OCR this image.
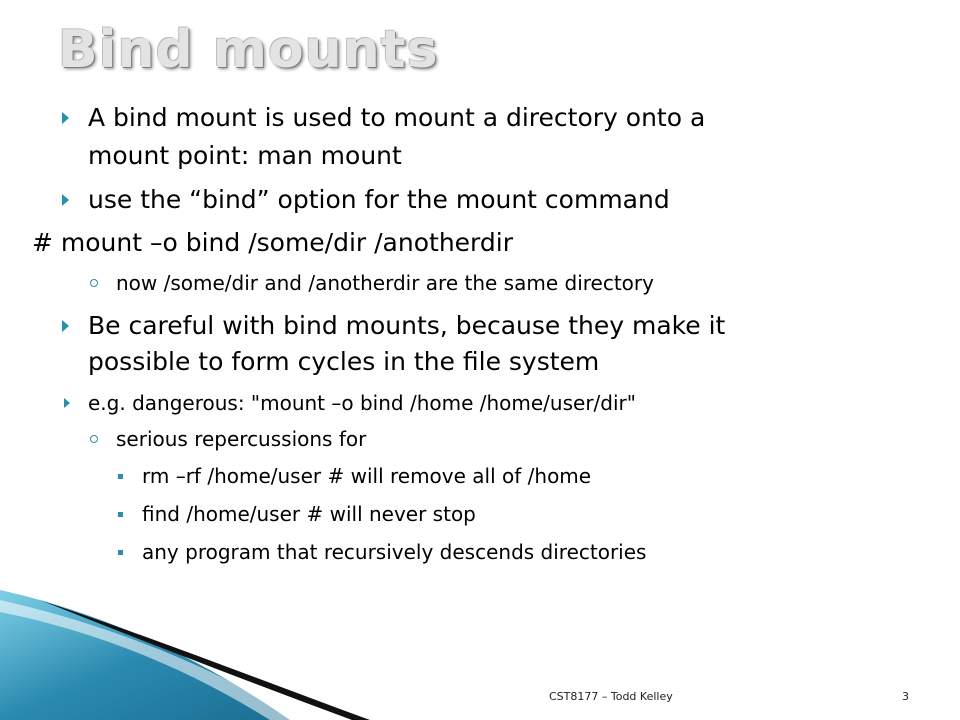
Bind mounts
A bind mount is used to mount a directory onto a
mount point: man mount
use the “bind” option for the mount command
# mount –o bind /some/dir /anotherdir
now /some/dir and /anotherdir are the same directory
Be careful with bind mounts, because they make it
possible to form cycles in the file system
e.g. dangerous: "mount –o bind /home /home/user/dir"
serious repercussions for
rm –rf /home/user # will remove all of /home
find /home/user # will never stop
any program that recursively descends directories
CST8177 – Todd Kelley	3
